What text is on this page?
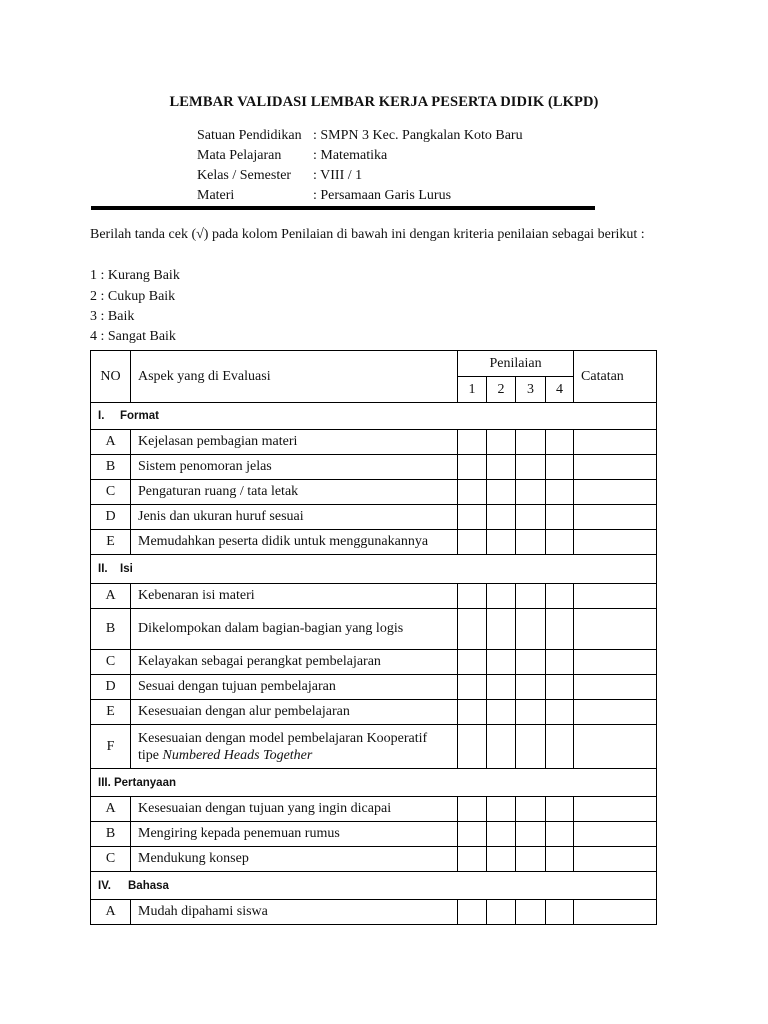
LEMBAR VALIDASI LEMBAR KERJA PESERTA DIDIK (LKPD)
Satuan Pendidikan : SMPN 3 Kec. Pangkalan Koto Baru
Mata Pelajaran	: Matematika
Kelas / Semester	: VIII / 1
Materi	: Persamaan Garis Lurus
Berilah tanda cek (√) pada kolom Penilaian di bawah ini dengan kriteria penilaian sebagai berikut :
1 : Kurang Baik
2 : Cukup Baik
3 : Baik
4 : Sangat Baik
NO	Aspek yang di Evaluasi	Penilaian				Catatan
		1	2	3	4	
I. Format						
A	Kejelasan pembagian materi					
B	Sistem penomoran jelas					
C	Pengaturan ruang / tata letak					
D	Jenis dan ukuran huruf sesuai					
E	Memudahkan peserta didik untuk menggunakannya					
II. Isi						
A	Kebenaran isi materi					
B	Dikelompokan dalam bagian-bagian yang logis					
C	Kelayakan sebagai perangkat pembelajaran					
D	Sesuai dengan tujuan pembelajaran					
E	Kesesuaian dengan alur pembelajaran					
F	Kesesuaian dengan model pembelajaran Kooperatif
tipe Numbered Heads Together					
III. Pertanyaan						
A	Kesesuaian dengan tujuan yang ingin dicapai					
B	Mengiring kepada penemuan rumus					
C	Mendukung konsep					
IV. Bahasa						
A	Mudah dipahami siswa					
